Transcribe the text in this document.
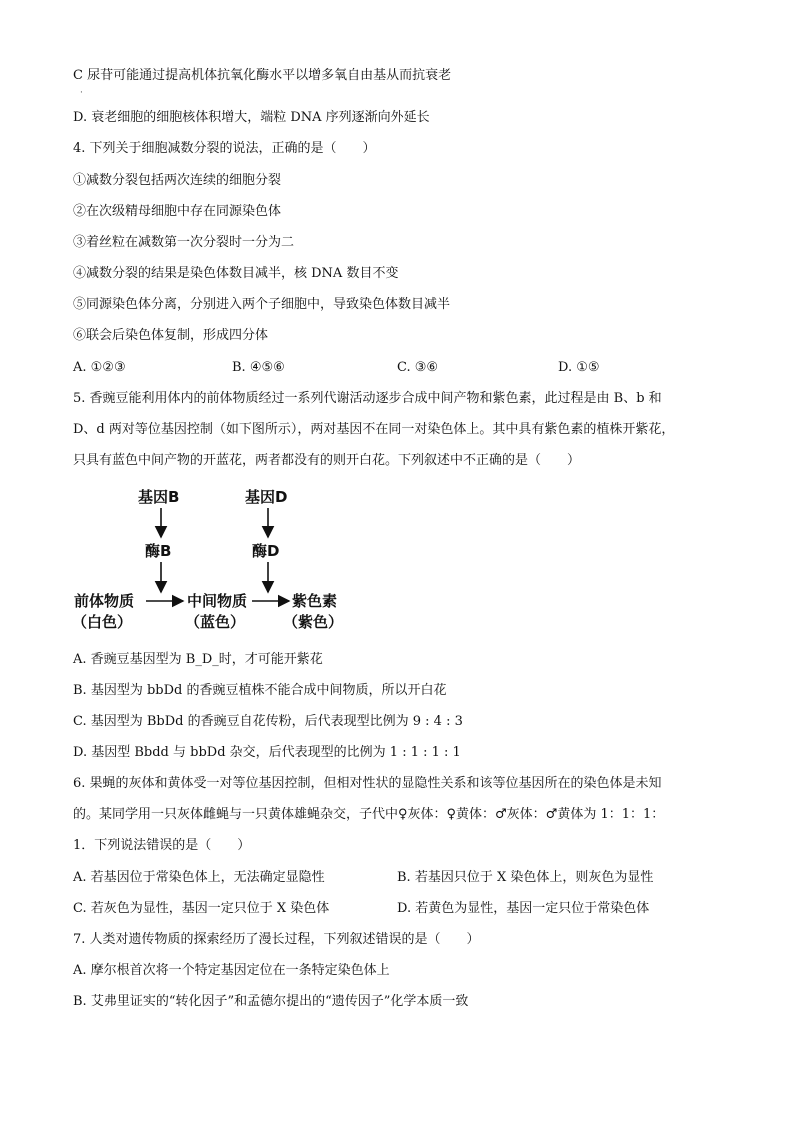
·
C 尿苷可能通过提高机体抗氧化酶水平以增多氧自由基从而抗衰老
D. 衰老细胞的细胞核体积增大，端粒 DNA 序列逐渐向外延长
4. 下列关于细胞减数分裂的说法，正确的是（　　）
①减数分裂包括两次连续的细胞分裂
②在次级精母细胞中存在同源染色体
③着丝粒在减数第一次分裂时一分为二
④减数分裂的结果是染色体数目减半，核 DNA 数目不变
⑤同源染色体分离，分别进入两个子细胞中，导致染色体数目减半
⑥联会后染色体复制，形成四分体
A. ①②③	B. ④⑤⑥	C. ③⑥	D. ①⑤
5. 香豌豆能利用体内的前体物质经过一系列代谢活动逐步合成中间产物和紫色素，此过程是由 B、b 和
D、d 两对等位基因控制（如下图所示），两对基因不在同一对染色体上。其中具有紫色素的植株开紫花，
只具有蓝色中间产物的开蓝花，两者都没有的则开白花。下列叙述中不正确的是（　　）
基因B	基因D
酶B	酶D
前体物质	中间物质	紫色素
（白色）	（蓝色）	（紫色）
A. 香豌豆基因型为 B_D_时，才可能开紫花
B. 基因型为 bbDd 的香豌豆植株不能合成中间物质，所以开白花
C. 基因型为 BbDd 的香豌豆自花传粉，后代表现型比例为 9 : 4 : 3
D. 基因型 Bbdd 与 bbDd 杂交，后代表现型的比例为 1 : 1 : 1 : 1
6. 果蝇的灰体和黄体受一对等位基因控制，但相对性状的显隐性关系和该等位基因所在的染色体是未知
的。某同学用一只灰体雌蝇与一只黄体雄蝇杂交，子代中♀灰体：♀黄体：♂灰体：♂黄体为 1：1：1：
1．下列说法错误的是（　　）
A. 若基因位于常染色体上，无法确定显隐性	B. 若基因只位于 X 染色体上，则灰色为显性
C. 若灰色为显性，基因一定只位于 X 染色体	D. 若黄色为显性，基因一定只位于常染色体
7. 人类对遗传物质的探索经历了漫长过程，下列叙述错误的是（　　）
A. 摩尔根首次将一个特定基因定位在一条特定染色体上
B. 艾弗里证实的“转化因子”和孟德尔提出的“遗传因子”化学本质一致
